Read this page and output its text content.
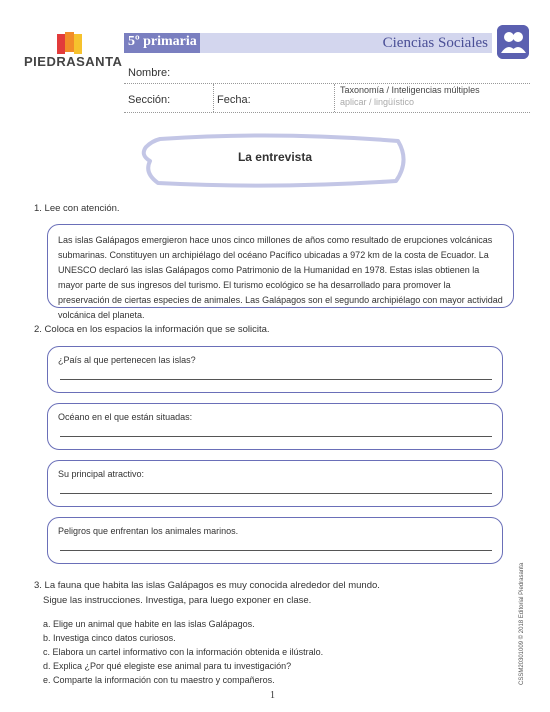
PIEDRASANTA
5º primaria	Ciencias Sociales
Nombre:
Sección:	Fecha:
Taxonomía / Inteligencias múltiples
aplicar / lingüístico
La entrevista
1. Lee con atención.
Las islas Galápagos emergieron hace unos cinco millones de años como resultado de erupciones volcánicas submarinas. Constituyen un archipiélago del océano Pacífico ubicadas a 972 km de la costa de Ecuador. La UNESCO declaró las islas Galápagos como Patrimonio de la Humanidad en 1978. Estas islas obtienen la mayor parte de sus ingresos del turismo. El turismo ecológico se ha desarrollado para promover la preservación de ciertas especies de animales. Las Galápagos son el segundo archipiélago con mayor actividad volcánica del planeta.
2. Coloca en los espacios la información que se solicita.
¿País al que pertenecen las islas?
Océano en el que están situadas:
Su principal atractivo:
Peligros que enfrentan los animales marinos.
3. La fauna que habita las islas Galápagos es muy conocida alrededor del mundo.
Sigue las instrucciones. Investiga, para luego exponer en clase.
a. Elige un animal que habite en las islas Galápagos.
b. Investiga cinco datos curiosos.
c. Elabora un cartel informativo con la información obtenida e ilústralo.
d. Explica ¿Por qué elegiste ese animal para tu investigación?
e. Comparte la información con tu maestro y compañeros.	CSSM20301009 © 2018 Editorial Piedrasanta
1
